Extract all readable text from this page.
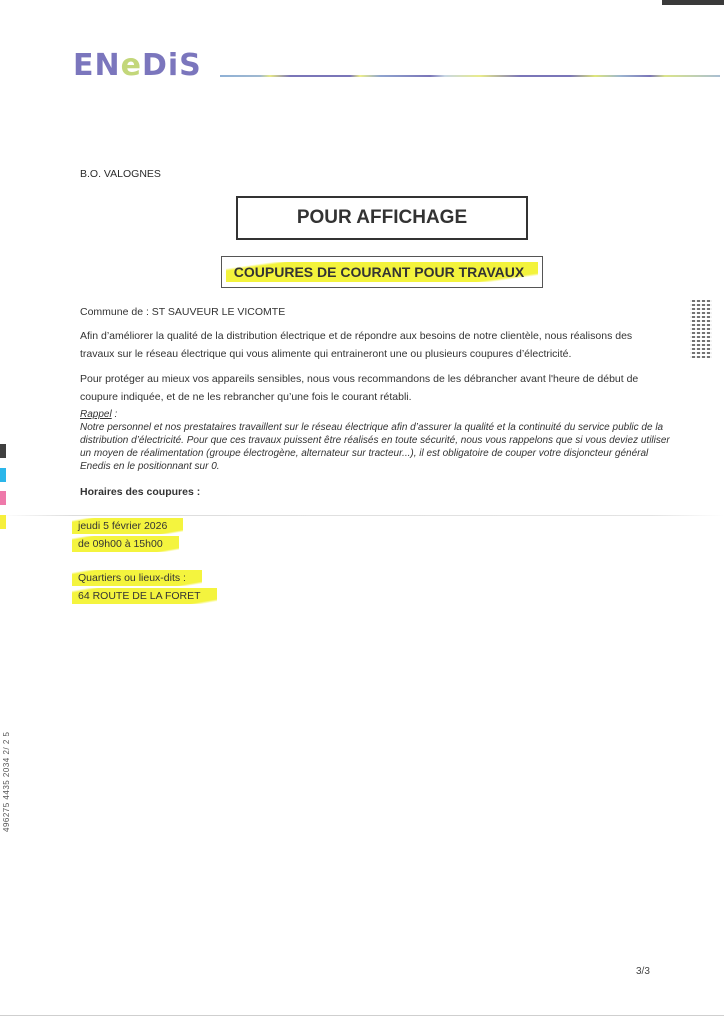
ENeDiS
B.O. VALOGNES
POUR AFFICHAGE
COUPURES DE COURANT POUR TRAVAUX
Commune de : ST SAUVEUR LE VICOMTE
Afin d’améliorer la qualité de la distribution électrique et de répondre aux besoins de notre clientèle, nous réalisons des travaux sur le réseau électrique qui vous alimente qui entraineront une ou plusieurs coupures d’électricité.
Pour protéger au mieux vos appareils sensibles, nous vous recommandons de les débrancher avant l'heure de début de coupure indiquée, et de ne les rebrancher qu’une fois le courant rétabli.
Rappel :
Notre personnel et nos prestataires travaillent sur le réseau électrique afin d’assurer la qualité et la continuité du service public de la distribution d’électricité. Pour que ces travaux puissent être réalisés en toute sécurité, nous vous rappelons que si vous deviez utiliser un moyen de réalimentation (groupe électrogène, alternateur sur tracteur...), il est obligatoire de couper votre disjoncteur général Enedis en le positionnant sur 0.
Horaires des coupures :
jeudi 5 février 2026
de 09h00 à 15h00
Quartiers ou lieux-dits :
64 ROUTE DE LA FORET
496275 4435 2034 2/ 2 5
3/3
